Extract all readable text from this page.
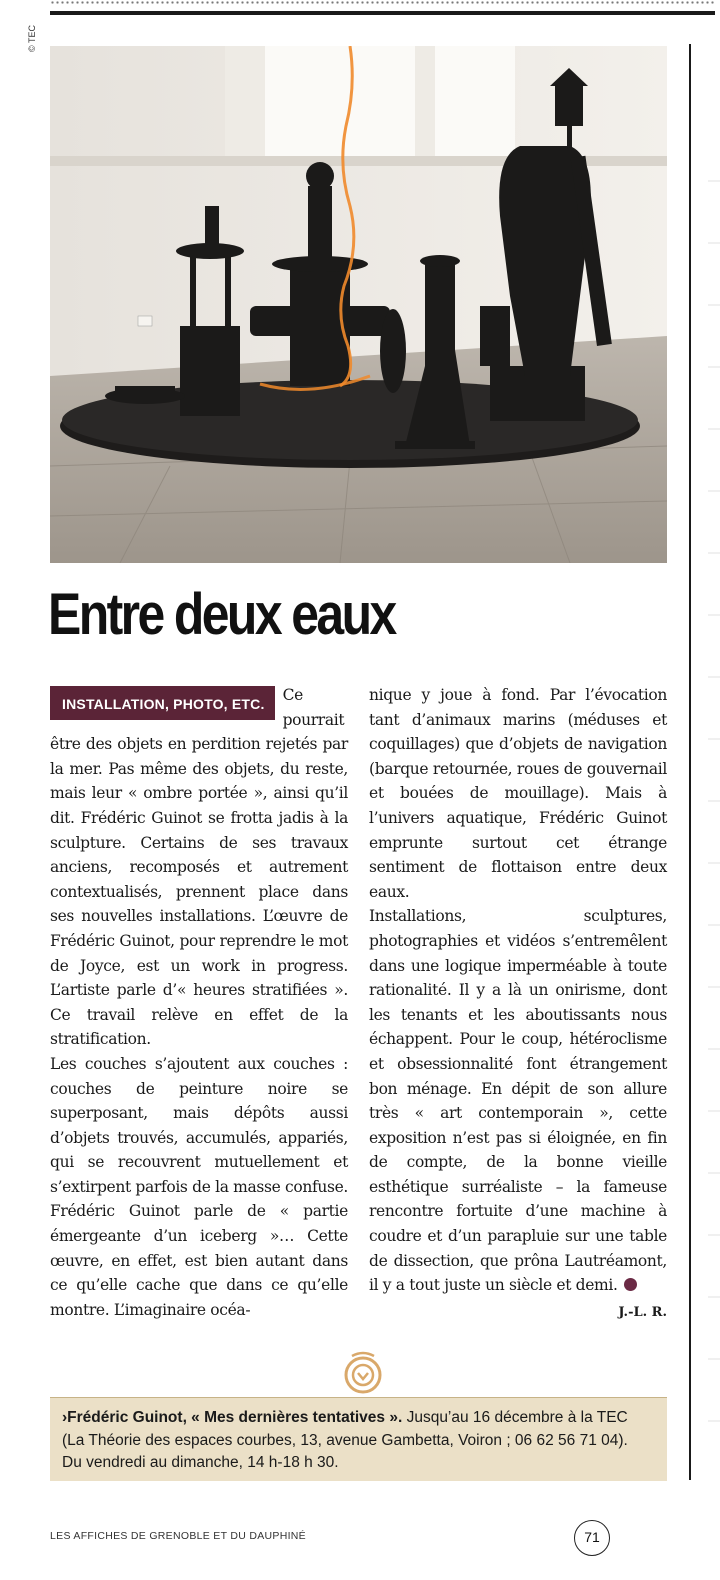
© TEC
Entre deux eaux
INSTALLATION, PHOTO, ETC.	Ce pourrait être des objets en perdition rejetés par la mer. Pas même des objets, du reste, mais leur « ombre portée », ainsi qu’il dit. Frédéric Guinot se frotta jadis à la sculpture. Certains de ses travaux anciens, recomposés et autrement contextualisés, prennent place dans ses nouvelles installations. L’œuvre de Frédéric Guinot, pour reprendre le mot de Joyce, est un work in progress. L’artiste parle d’« heures stratifiées ». Ce travail relève en effet de la stratification.

Les couches s’ajoutent aux couches : couches de peinture noire se superposant, mais dépôts aussi d’objets trouvés, accumulés, appariés, qui se recouvrent mutuellement et s’extirpent parfois de la masse confuse. Frédéric Guinot parle de « partie émergeante d’un iceberg »… Cette œuvre, en effet, est bien autant dans ce qu’elle cache que dans ce qu’elle montre. L’imaginaire océa-

nique y joue à fond. Par l’évocation tant d’animaux marins (méduses et coquillages) que d’objets de navigation (barque retournée, roues de gouvernail et bouées de mouillage). Mais à l’univers aquatique, Frédéric Guinot emprunte surtout cet étrange sentiment de flottaison entre deux eaux.

Installations, sculptures, photographies et vidéos s’entremêlent dans une logique imperméable à toute rationalité. Il y a là un onirisme, dont les tenants et les aboutissants nous échappent. Pour le coup, hétéroclisme et obsessionnalité font étrangement bon ménage. En dépit de son allure très « art contemporain », cette exposition n’est pas si éloignée, en fin de compte, de la bonne vieille esthétique surréaliste – la fameuse rencontre fortuite d’une machine à coudre et d’un parapluie sur une table de dissection, que prôna Lautréamont, il y a tout juste un siècle et demi.

J.-L. R.
›Frédéric Guinot, « Mes dernières tentatives ». Jusqu’au 16 décembre à la TEC
(La Théorie des espaces courbes, 13, avenue Gambetta, Voiron ; 06 62 56 71 04).
Du vendredi au dimanche, 14 h-18 h 30.
LES AFFICHES DE GRENOBLE ET DU DAUPHINÉ	71
